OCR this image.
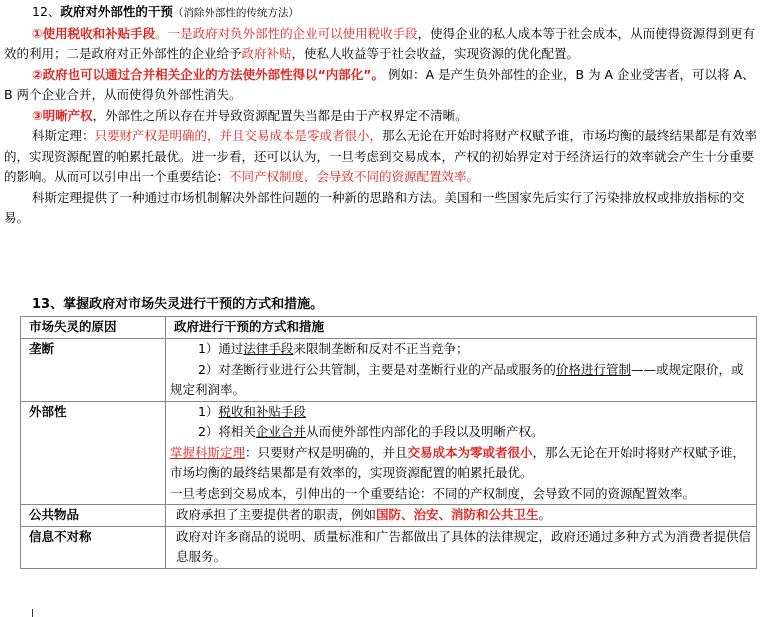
12、政府对外部性的干预（消除外部性的传统方法）

①使用税收和补贴手段。一是政府对负外部性的企业可以使用税收手段，使得企业的私人成本等于社会成本，从而使得资源得到更有效的利用；二是政府对正外部性的企业给予政府补贴，使私人收益等于社会收益，实现资源的优化配置。

②政府也可以通过合并相关企业的方法使外部性得以“内部化”。 例如：A 是产生负外部性的企业，B 为 A 企业受害者，可以将 A、B 两个企业合并，从而使得负外部性消失。

③明晰产权，外部性之所以存在并导致资源配置失当都是由于产权界定不清晰。

科斯定理：只要财产权是明确的，并且交易成本是零或者很小，那么无论在开始时将财产权赋予谁，市场均衡的最终结果都是有效率的，实现资源配置的帕累托最优。进一步看，还可以认为，一旦考虑到交易成本，产权的初始界定对于经济运行的效率就会产生十分重要的影响。从而可以引申出一个重要结论：不同产权制度，会导致不同的资源配置效率。

科斯定理提供了一种通过市场机制解决外部性问题的一种新的思路和方法。美国和一些国家先后实行了污染排放权或排放指标的交易。

13、掌握政府对市场失灵进行干预的方式和措施。
市场失灵的原因	政府进行干预的方式和措施
垄断	1）通过法律手段来限制垄断和反对不正当竞争；
2）对垄断行业进行公共管制，主要是对垄断行业的产品或服务的价格进行管制——或规定限价，或规定利润率。

外部性	1）税收和补贴手段
2）将相关企业合并从而使外部性内部化的手段以及明晰产权。
掌握科斯定理：只要财产权是明确的，并且交易成本为零或者很小，那么无论在开始时将财产权赋予谁，市场均衡的最终结果都是有效率的，实现资源配置的帕累托最优。
一旦考虑到交易成本，引伸出的一个重要结论：不同的产权制度，会导致不同的资源配置效率。

公共物品	政府承担了主要提供者的职责，例如国防、治安、消防和公共卫生。
信息不对称	政府对许多商品的说明、质量标准和广告都做出了具体的法律规定，政府还通过多种方式为消费者提供信息服务。
